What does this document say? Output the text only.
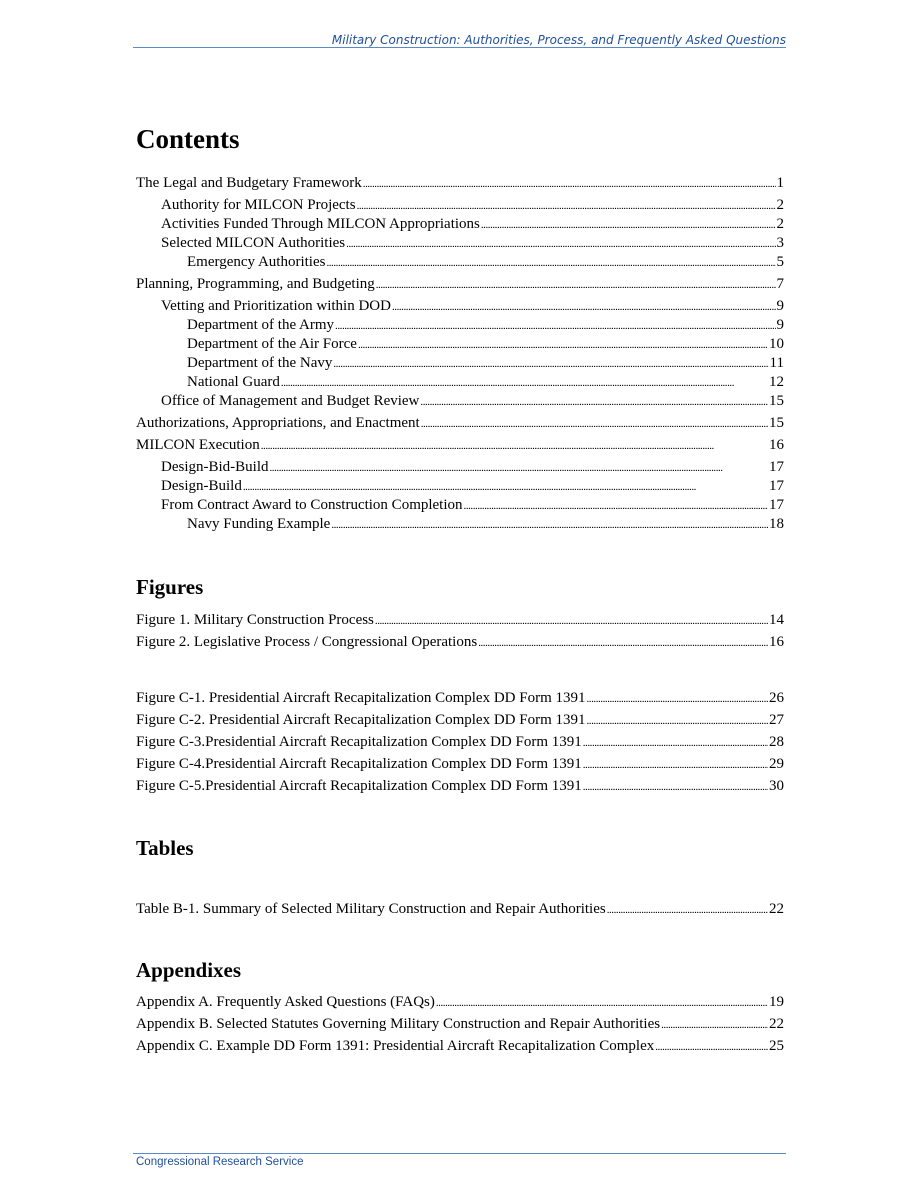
Military Construction: Authorities, Process, and Frequently Asked Questions
Contents
The Legal and Budgetary Framework . . .	1
Authority for MILCON Projects . . .	2
Activities Funded Through MILCON Appropriations . . .	2
Selected MILCON Authorities . . .	3
Emergency Authorities . . .	5
Planning, Programming, and Budgeting . . .	7
Vetting and Prioritization within DOD . . .	9
Department of the Army . . .	9
Department of the Air Force . . .	10
Department of the Navy . . .	11
National Guard . . .	12
Office of Management and Budget Review . . .	15
Authorizations, Appropriations, and Enactment . . .	15
MILCON Execution . . .	16
Design-Bid-Build . . .	17
Design-Build . . .	17
From Contract Award to Construction Completion . . .	17
Navy Funding Example . . .	18
Figures
Figure 1. Military Construction Process . . .	14
Figure 2. Legislative Process / Congressional Operations . . .	16
Figure C-1. Presidential Aircraft Recapitalization Complex DD Form 1391 . . .	26
Figure C-2. Presidential Aircraft Recapitalization Complex DD Form 1391 . . .	27
Figure C-3.Presidential Aircraft Recapitalization Complex DD Form 1391 . . .	28
Figure C-4.Presidential Aircraft Recapitalization Complex DD Form 1391 . . .	29
Figure C-5.Presidential Aircraft Recapitalization Complex DD Form 1391 . . .	30
Tables
Table B-1. Summary of Selected Military Construction and Repair Authorities . . .	22
Appendixes
Appendix A. Frequently Asked Questions (FAQs) . . .	19
Appendix B. Selected Statutes Governing Military Construction and Repair Authorities . . .	22
Appendix C. Example DD Form 1391: Presidential Aircraft Recapitalization Complex . . .	25
Congressional Research Service
